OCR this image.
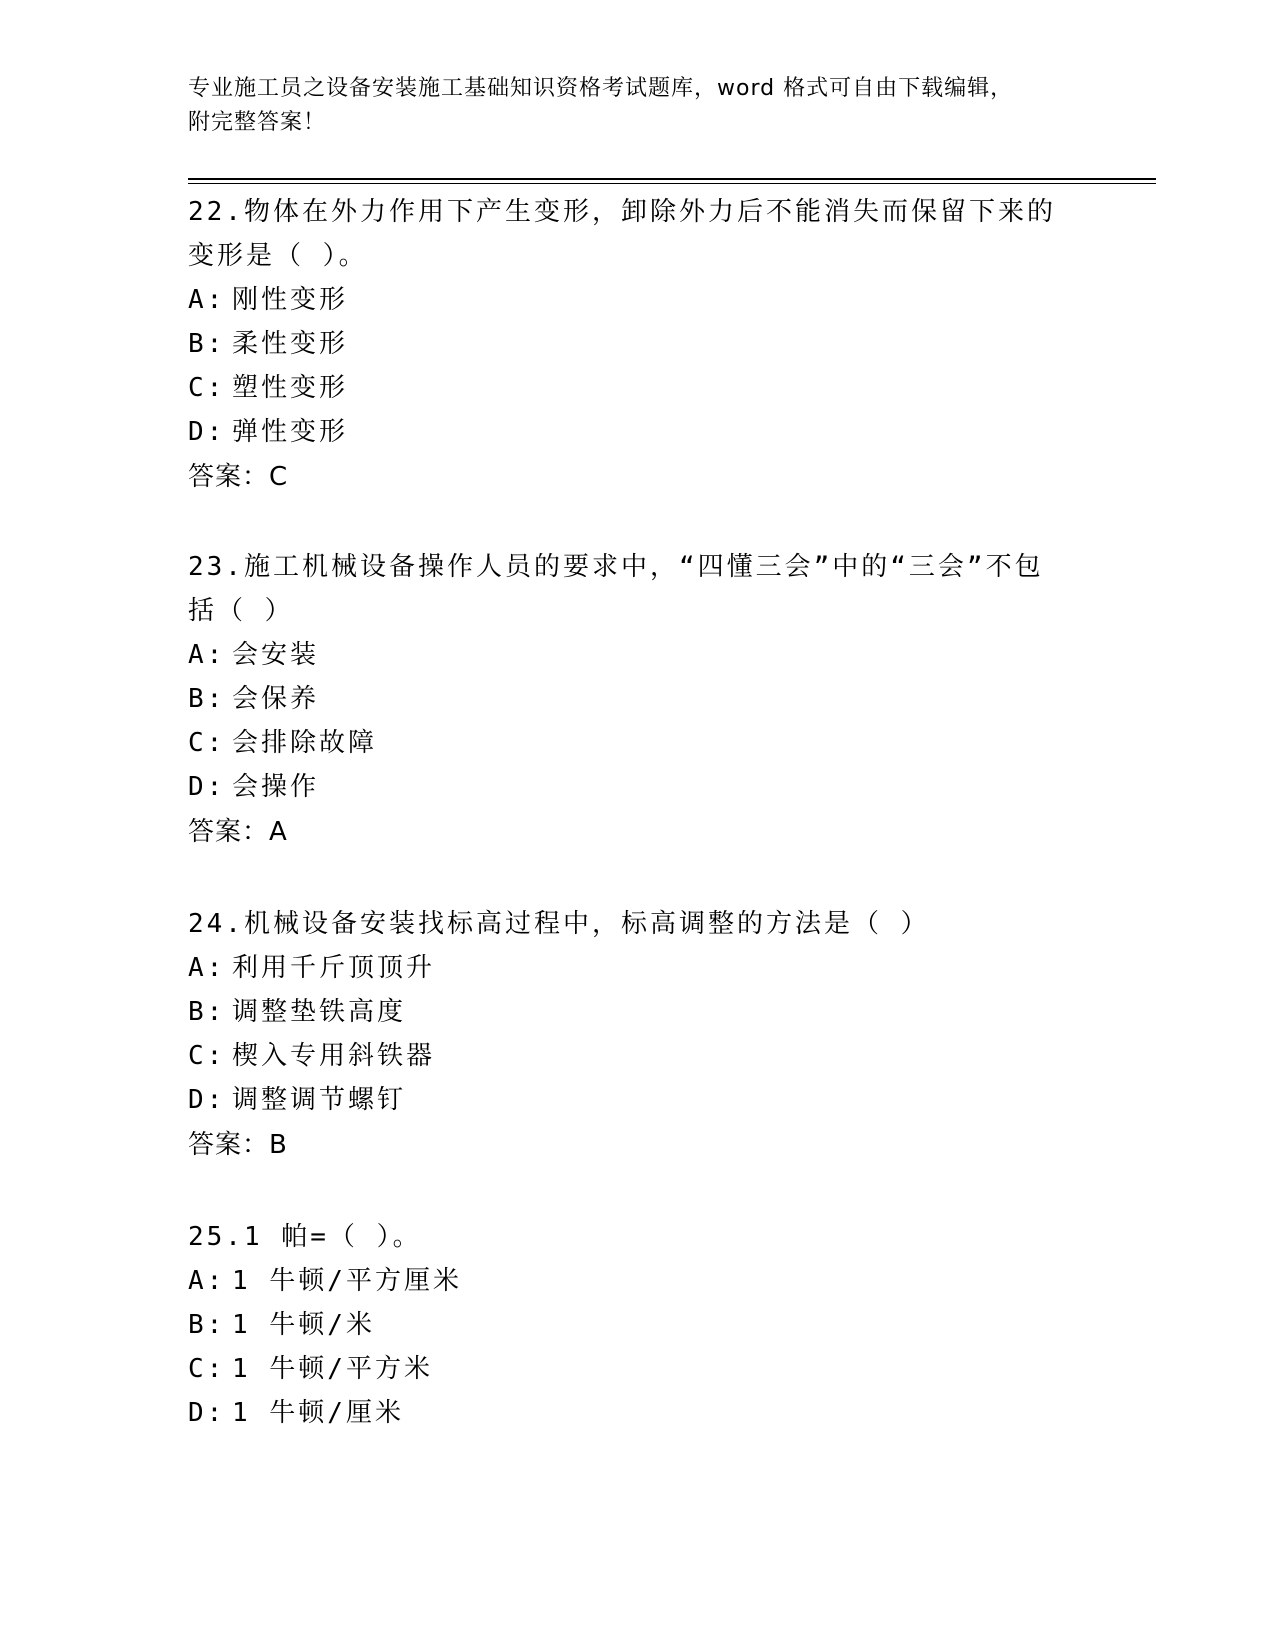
专业施工员之设备安装施工基础知识资格考试题库，word 格式可自由下载编辑，
附完整答案！

22.物体在外力作用下产生变形，卸除外力后不能消失而保留下来的变形是（ ）。

A: 刚性变形

B: 柔性变形

C: 塑性变形

D: 弹性变形

答案：C

23.施工机械设备操作人员的要求中，“四懂三会”中的“三会”不包括（ ）

A: 会安装

B: 会保养

C: 会排除故障

D: 会操作

答案：A

24.机械设备安装找标高过程中，标高调整的方法是（ ）

A: 利用千斤顶顶升

B: 调整垫铁高度

C: 楔入专用斜铁器

D: 调整调节螺钉

答案：B

25.1 帕=（ ）。

A: 1 牛顿/平方厘米

B: 1 牛顿/米

C: 1 牛顿/平方米

D: 1 牛顿/厘米
